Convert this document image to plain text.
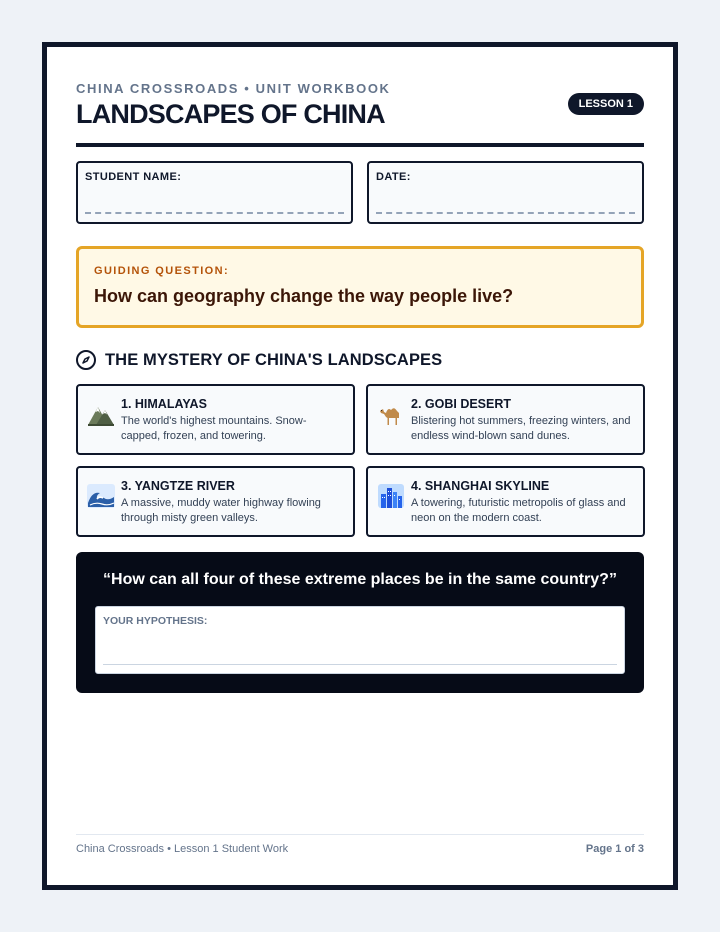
CHINA CROSSROADS • UNIT WORKBOOK
LANDSCAPES OF CHINA	LESSON 1
STUDENT NAME:	DATE:
GUIDING QUESTION:
How can geography change the way people live?
THE MYSTERY OF CHINA'S LANDSCAPES
1. HIMALAYAS
The world's highest mountains. Snow-capped, frozen, and towering.
2. GOBI DESERT
Blistering hot summers, freezing winters, and endless wind-blown sand dunes.
3. YANGTZE RIVER
A massive, muddy water highway flowing through misty green valleys.
4. SHANGHAI SKYLINE
A towering, futuristic metropolis of glass and neon on the modern coast.
“How can all four of these extreme places be in the same country?”
YOUR HYPOTHESIS:
China Crossroads • Lesson 1 Student Work	Page 1 of 3
